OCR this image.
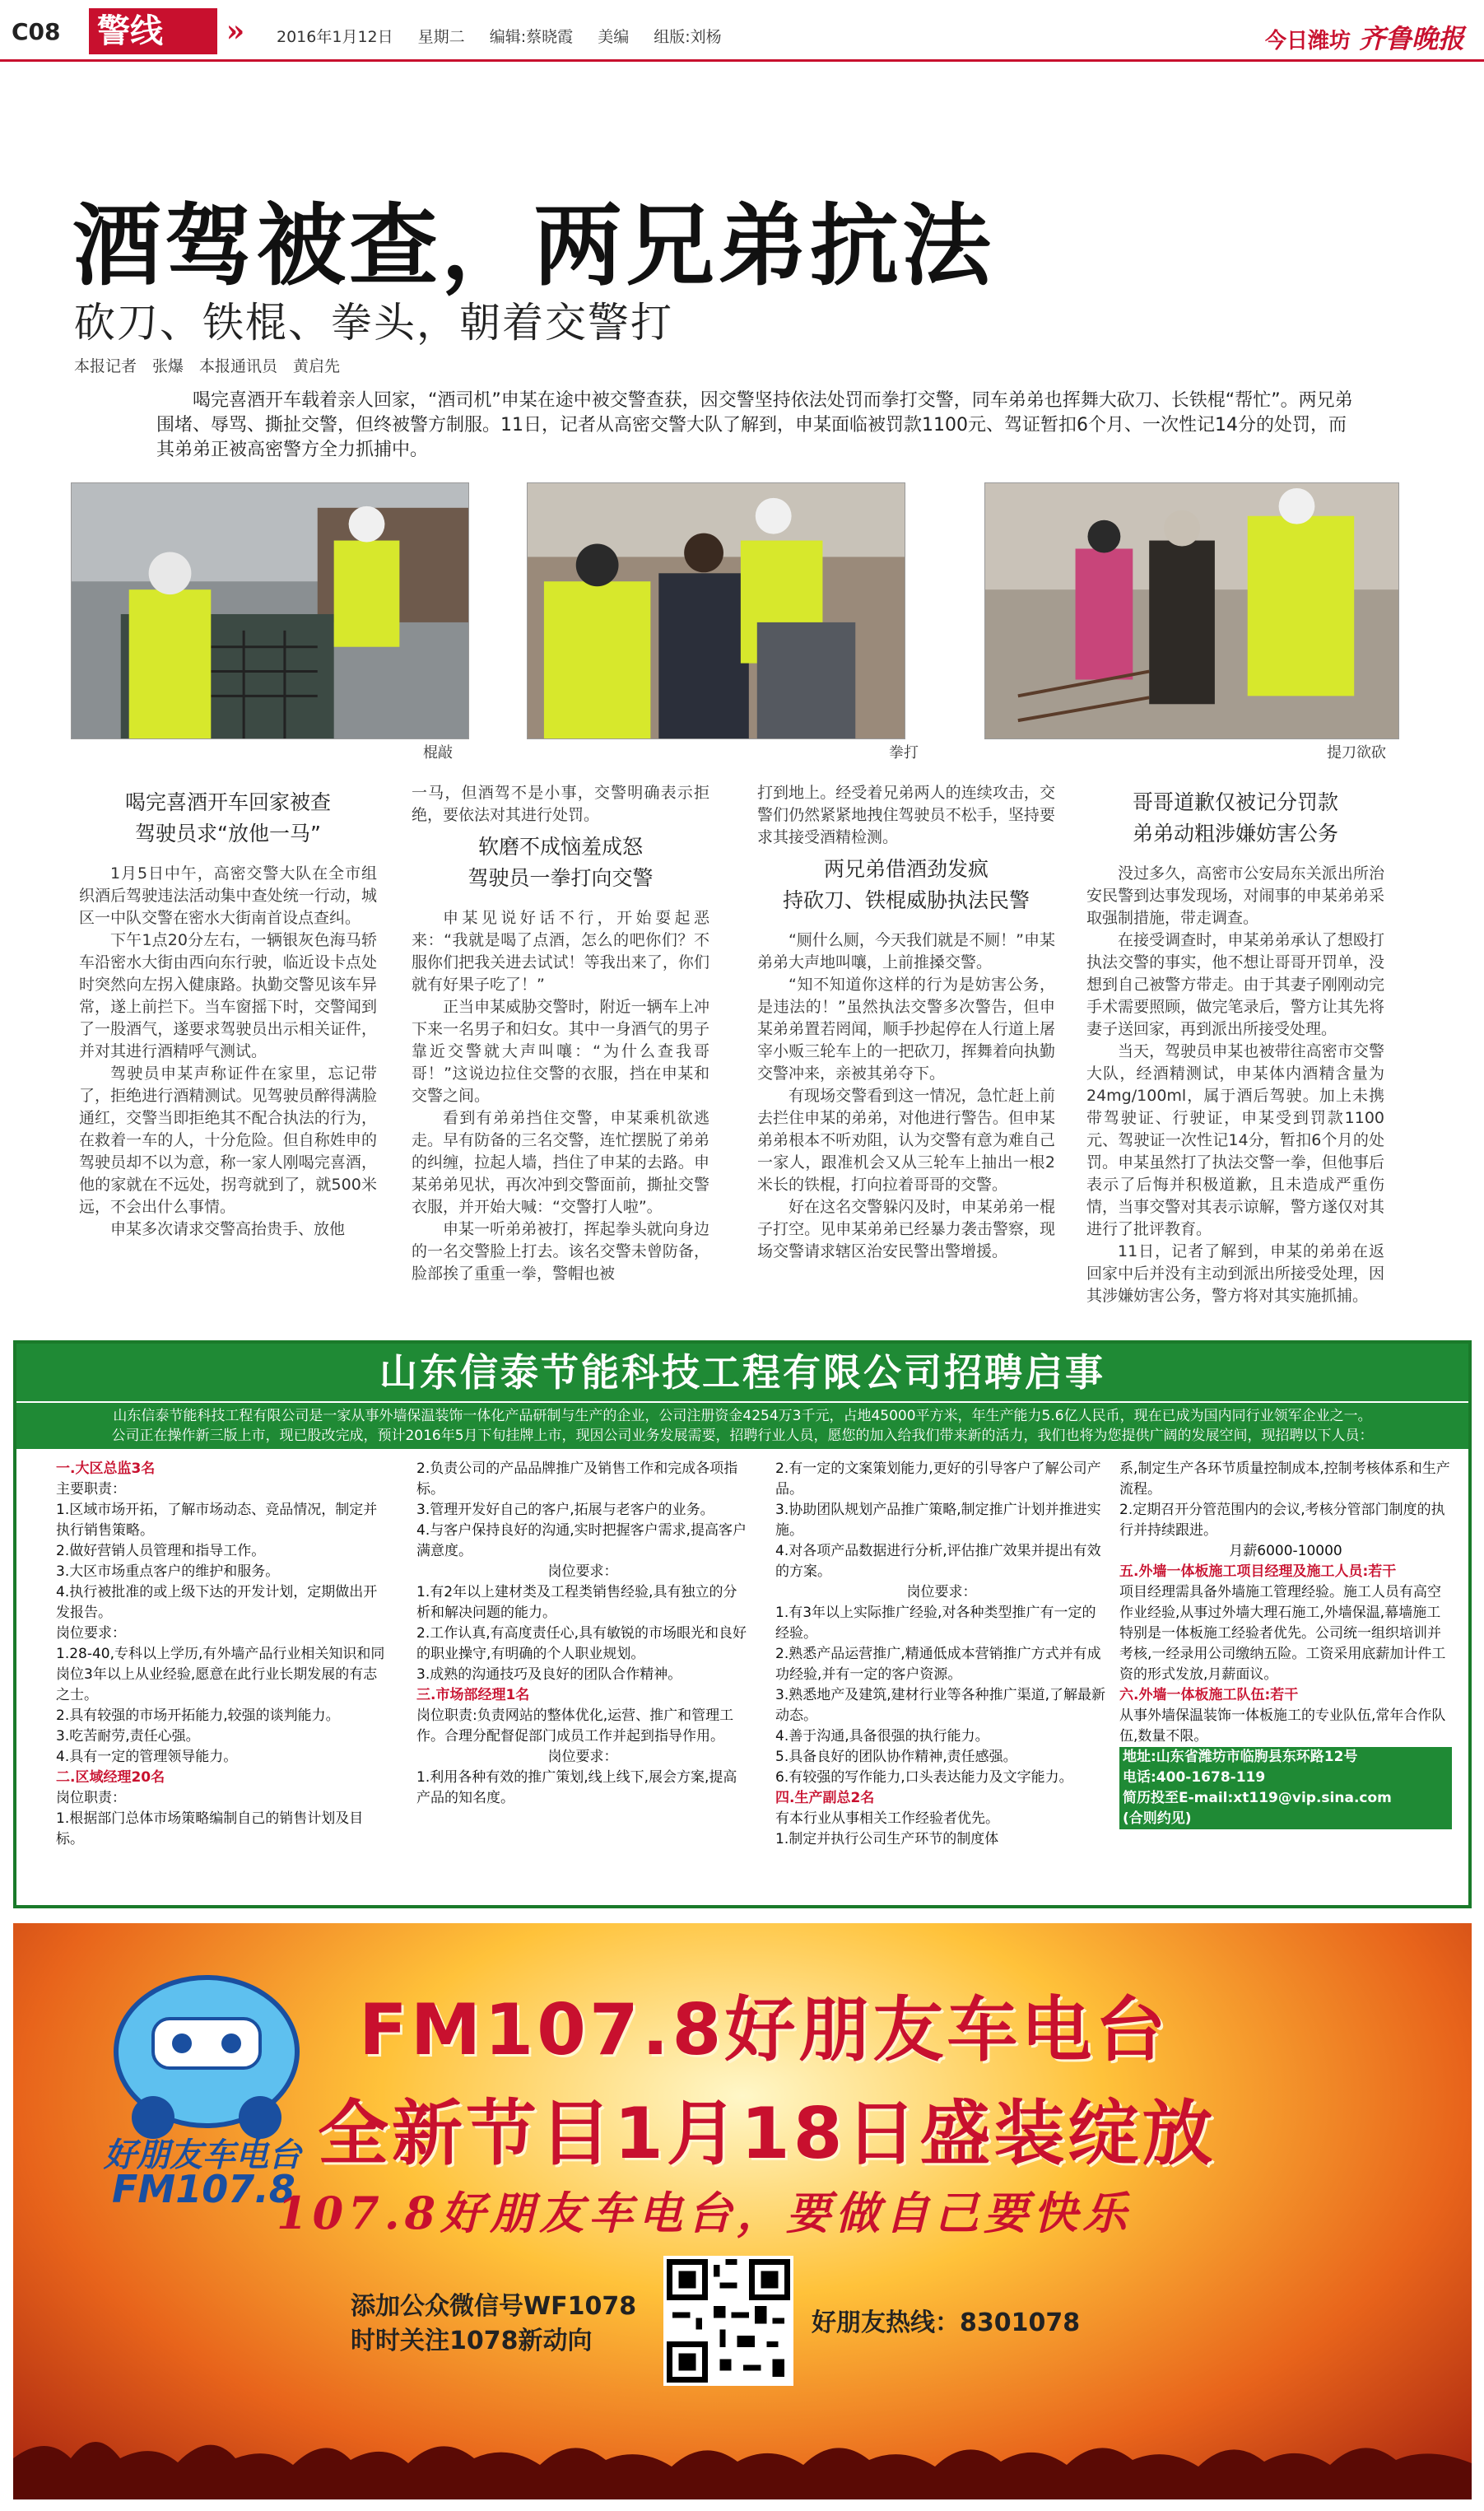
C08 警线 »	2016年1月12日 星期二 编辑:蔡晓霞 美编 组版:刘杨	今日潍坊 齐鲁晚报
酒驾被查，两兄弟抗法
砍刀、铁棍、拳头，朝着交警打
本报记者　张爆　本报通讯员　黄启先
喝完喜酒开车载着亲人回家，“酒司机”申某在途中被交警查获，因交警坚持依法处罚而拳打交警，同车弟弟也挥舞大砍刀、长铁棍“帮忙”。两兄弟围堵、辱骂、撕扯交警，但终被警方制服。11日，记者从高密交警大队了解到，申某面临被罚款1100元、驾证暂扣6个月、一次性记14分的处罚，而其弟弟正被高密警方全力抓捕中。
棍敲	拳打	提刀欲砍
喝完喜酒开车回家被查
驾驶员求“放他一马”

1月5日中午，高密交警大队在全市组织酒后驾驶违法活动集中查处统一行动，城区一中队交警在密水大街南首设点查纠。

下午1点20分左右，一辆银灰色海马轿车沿密水大街由西向东行驶，临近设卡点处时突然向左拐入健康路。执勤交警见该车异常，遂上前拦下。当车窗摇下时，交警闻到了一股酒气，遂要求驾驶员出示相关证件，并对其进行酒精呼气测试。

驾驶员申某声称证件在家里，忘记带了，拒绝进行酒精测试。见驾驶员醉得满脸通红，交警当即拒绝其不配合执法的行为，在救着一车的人，十分危险。但自称姓申的驾驶员却不以为意，称一家人刚喝完喜酒，他的家就在不远处，拐弯就到了，就500米远，不会出什么事情。

申某多次请求交警高抬贵手、放他

一马，但酒驾不是小事，交警明确表示拒绝，要依法对其进行处罚。

软磨不成恼羞成怒
驾驶员一拳打向交警

申某见说好话不行，开始耍起恶来：“我就是喝了点酒，怎么的吧你们？不服你们把我关进去试试！等我出来了，你们就有好果子吃了！”

正当申某威胁交警时，附近一辆车上冲下来一名男子和妇女。其中一身酒气的男子靠近交警就大声叫嚷：“为什么查我哥哥！”这说边拉住交警的衣服，挡在申某和交警之间。

看到有弟弟挡住交警，申某乘机欲逃走。早有防备的三名交警，连忙摆脱了弟弟的纠缠，拉起人墙，挡住了申某的去路。申某弟弟见状，再次冲到交警面前，撕扯交警衣服，并开始大喊：“交警打人啦”。

申某一听弟弟被打，挥起拳头就向身边的一名交警脸上打去。该名交警未曾防备，脸部挨了重重一拳，警帽也被

打到地上。经受着兄弟两人的连续攻击，交警们仍然紧紧地拽住驾驶员不松手，坚持要求其接受酒精检测。

两兄弟借酒劲发疯
持砍刀、铁棍威胁执法民警

“厕什么厕，今天我们就是不厕！”申某弟弟大声地叫嚷，上前推搡交警。

“知不知道你这样的行为是妨害公务，是违法的！”虽然执法交警多次警告，但申某弟弟置若罔闻，顺手抄起停在人行道上屠宰小贩三轮车上的一把砍刀，挥舞着向执勤交警冲来，亲被其弟夺下。

有现场交警看到这一情况，急忙赶上前去拦住申某的弟弟，对他进行警告。但申某弟弟根本不听劝阻，认为交警有意为难自己一家人，跟准机会又从三轮车上抽出一根2米长的铁棍，打向拉着哥哥的交警。

好在这名交警躲闪及时，申某弟弟一棍子打空。见申某弟弟已经暴力袭击警察，现场交警请求辖区治安民警出警增援。

哥哥道歉仅被记分罚款
弟弟动粗涉嫌妨害公务

没过多久，高密市公安局东关派出所治安民警到达事发现场，对闹事的申某弟弟采取强制措施，带走调查。

在接受调查时，申某弟弟承认了想殴打执法交警的事实，他不想让哥哥开罚单，没想到自己被警方带走。由于其妻子刚刚动完手术需要照顾，做完笔录后，警方让其先将妻子送回家，再到派出所接受处理。

当天，驾驶员申某也被带往高密市交警大队，经酒精测试，申某体内酒精含量为24mg/100ml，属于酒后驾驶。加上未携带驾驶证、行驶证，申某受到罚款1100元、驾驶证一次性记14分，暂扣6个月的处罚。申某虽然打了执法交警一拳，但他事后表示了后悔并积极道歉，且未造成严重伤情，当事交警对其表示谅解，警方遂仅对其进行了批评教育。

11日，记者了解到，申某的弟弟在返回家中后并没有主动到派出所接受处理，因其涉嫌妨害公务，警方将对其实施抓捕。

山东信泰节能科技工程有限公司招聘启事
山东信泰节能科技工程有限公司是一家从事外墙保温装饰一体化产品研制与生产的企业，公司注册资金4254万3千元，占地45000平方米，年生产能力5.6亿人民币，现在已成为国内同行业领军企业之一。
公司正在操作新三版上市，现已股改完成，预计2016年5月下旬挂牌上市，现因公司业务发展需要，招聘行业人员，愿您的加入给我们带来新的活力，我们也将为您提供广阔的发展空间，现招聘以下人员：
一.大区总监3名
主要职责：
1.区域市场开拓，了解市场动态、竞品情况，制定并执行销售策略。
2.做好营销人员管理和指导工作。
3.大区市场重点客户的维护和服务。
4.执行被批准的或上级下达的开发计划，定期做出开发报告。
岗位要求：
1.28-40,专科以上学历,有外墙产品行业相关知识和同岗位3年以上从业经验,愿意在此行业长期发展的有志之士。
2.具有较强的市场开拓能力,较强的谈判能力。
3.吃苦耐劳,责任心强。
4.具有一定的管理领导能力。
二.区域经理20名
岗位职责：
1.根据部门总体市场策略编制自己的销售计划及目标。
2.负责公司的产品品牌推广及销售工作和完成各项指标。
3.管理开发好自己的客户,拓展与老客户的业务。
4.与客户保持良好的沟通,实时把握客户需求,提高客户满意度。
岗位要求：
1.有2年以上建材类及工程类销售经验,具有独立的分析和解决问题的能力。
2.工作认真,有高度责任心,具有敏锐的市场眼光和良好的职业操守,有明确的个人职业规划。
3.成熟的沟通技巧及良好的团队合作精神。
三.市场部经理1名
岗位职责:负责网站的整体优化,运营、推广和管理工作。合理分配督促部门成员工作并起到指导作用。
岗位要求：
1.利用各种有效的推广策划,线上线下,展会方案,提高产品的知名度。
2.有一定的文案策划能力,更好的引导客户了解公司产品。
3.协助团队规划产品推广策略,制定推广计划并推进实施。
4.对各项产品数据进行分析,评估推广效果并提出有效的方案。
岗位要求：
1.有3年以上实际推广经验,对各种类型推广有一定的经验。
2.熟悉产品运营推广,精通低成本营销推广方式并有成功经验,并有一定的客户资源。
3.熟悉地产及建筑,建材行业等各种推广渠道,了解最新动态。
4.善于沟通,具备很强的执行能力。
5.具备良好的团队协作精神,责任感强。
6.有较强的写作能力,口头表达能力及文字能力。
四.生产副总2名
有本行业从事相关工作经验者优先。
1.制定并执行公司生产环节的制度体
系,制定生产各环节质量控制成本,控制考核体系和生产流程。
2.定期召开分管范围内的会议,考核分管部门制度的执行并持续跟进。
月薪6000-10000
五.外墙一体板施工项目经理及施工人员:若干
项目经理需具备外墙施工管理经验。施工人员有高空作业经验,从事过外墙大理石施工,外墙保温,幕墙施工特别是一体板施工经验者优先。公司统一组织培训并考核,一经录用公司缴纳五险。工资采用底薪加计件工资的形式发放,月薪面议。
六.外墙一体板施工队伍:若干
从事外墙保温装饰一体板施工的专业队伍,常年合作队伍,数量不限。
地址:山东省潍坊市临朐县东环路12号
电话:400-1678-119
简历投至E-mail:xt119@vip.sina.com
(合则约见)
好朋友车电台
FM107.8
FM107.8好朋友车电台
全新节目1月18日盛装绽放
107.8好朋友车电台，要做自己要快乐
添加公众微信号WF1078
时时关注1078新动向
好朋友热线：8301078
